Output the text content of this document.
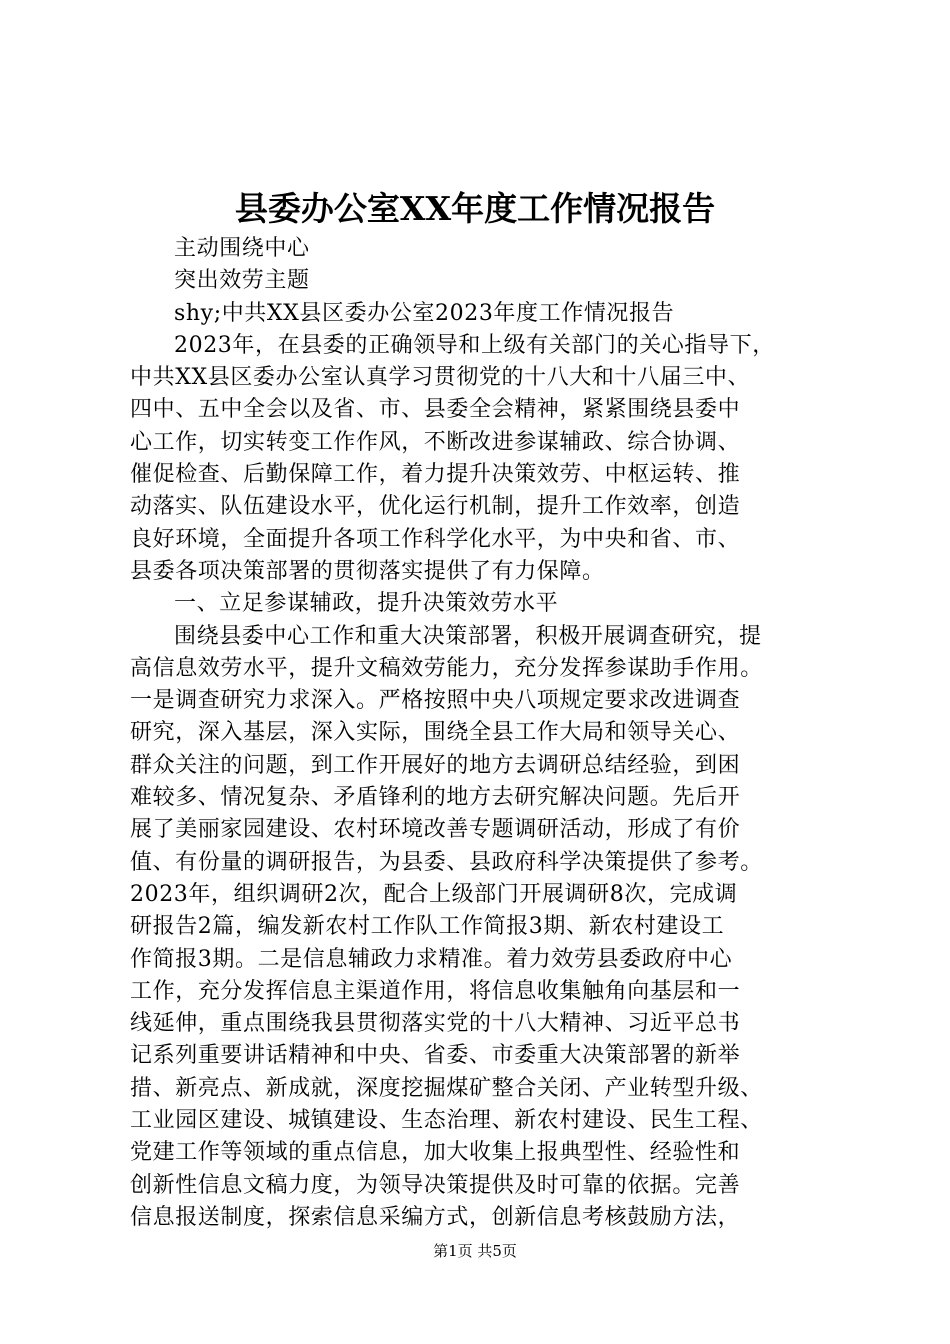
县委办公室XX年度工作情况报告
主动围绕中心
突出效劳主题
shy;中共XX县区委办公室2023年度工作情况报告
2023年，在县委的正确领导和上级有关部门的关心指导下，
中共XX县区委办公室认真学习贯彻党的十八大和十八届三中、
四中、五中全会以及省、市、县委全会精神，紧紧围绕县委中
心工作，切实转变工作作风，不断改进参谋辅政、综合协调、
催促检查、后勤保障工作，着力提升决策效劳、中枢运转、推
动落实、队伍建设水平，优化运行机制，提升工作效率，创造
良好环境，全面提升各项工作科学化水平，为中央和省、市、
县委各项决策部署的贯彻落实提供了有力保障。
一、立足参谋辅政，提升决策效劳水平
围绕县委中心工作和重大决策部署，积极开展调查研究，提
高信息效劳水平，提升文稿效劳能力，充分发挥参谋助手作用。
一是调查研究力求深入。严格按照中央八项规定要求改进调查
研究，深入基层，深入实际，围绕全县工作大局和领导关心、
群众关注的问题，到工作开展好的地方去调研总结经验，到困
难较多、情况复杂、矛盾锋利的地方去研究解决问题。先后开
展了美丽家园建设、农村环境改善专题调研活动，形成了有价
值、有份量的调研报告，为县委、县政府科学决策提供了参考。
2023年，组织调研2次，配合上级部门开展调研8次，完成调
研报告2篇，编发新农村工作队工作简报3期、新农村建设工
作简报3期。二是信息辅政力求精准。着力效劳县委政府中心
工作，充分发挥信息主渠道作用，将信息收集触角向基层和一
线延伸，重点围绕我县贯彻落实党的十八大精神、习近平总书
记系列重要讲话精神和中央、省委、市委重大决策部署的新举
措、新亮点、新成就，深度挖掘煤矿整合关闭、产业转型升级、
工业园区建设、城镇建设、生态治理、新农村建设、民生工程、
党建工作等领域的重点信息，加大收集上报典型性、经验性和
创新性信息文稿力度，为领导决策提供及时可靠的依据。完善
信息报送制度，探索信息采编方式，创新信息考核鼓励方法，
第1页 共5页
